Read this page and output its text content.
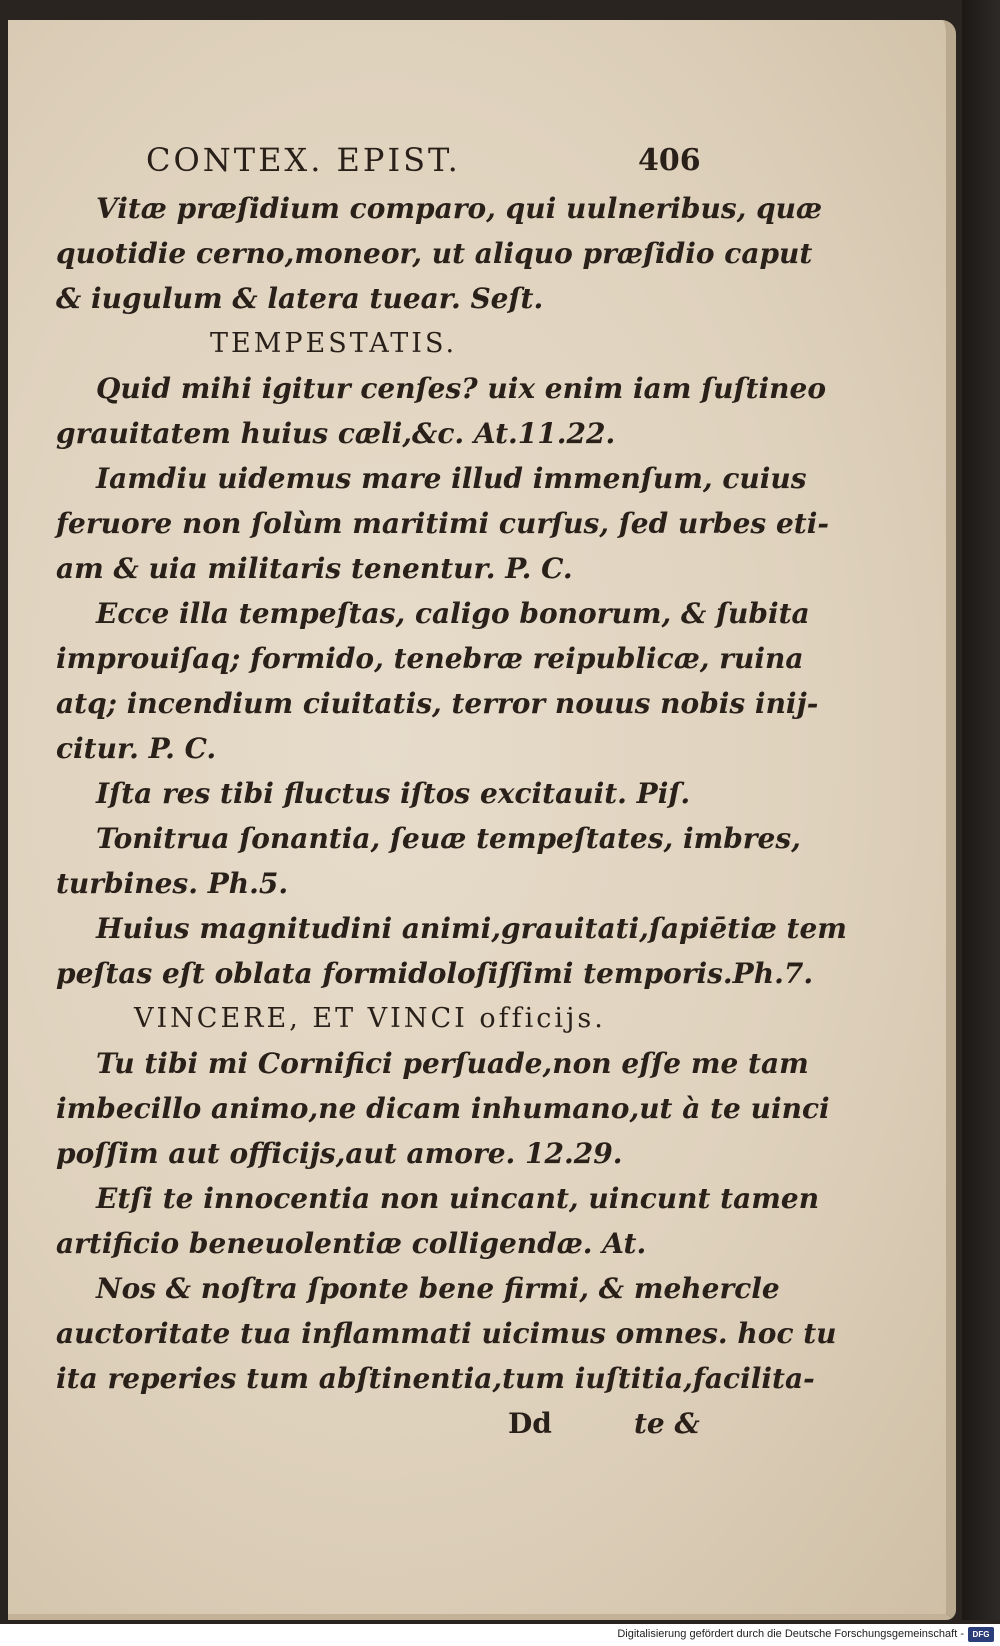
CONTEX. EPIST.	406
Vitæ præſidium comparo, qui uulneribus, quæ
quotidie cerno,moneor, ut aliquo præſidio caput
& iugulum & latera tuear. Seſt.
TEMPESTATIS.
Quid mihi igitur cenſes? uix enim iam ſuſtineo
grauitatem huius cæli,&c. At.11.22.
Iamdiu uidemus mare illud immenſum, cuius
feruore non ſolùm maritimi curſus, ſed urbes eti-
am & uia militaris tenentur. P. C.
Ecce illa tempeſtas, caligo bonorum, & ſubita
improuiſaq; formido, tenebræ reipublicæ, ruina
atq; incendium ciuitatis, terror nouus nobis inij-
citur. P. C.
Iſta res tibi fluctus iſtos excitauit. Piſ.
Tonitrua ſonantia, ſeuæ tempeſtates, imbres,
turbines. Ph.5.
Huius magnitudini animi,grauitati,ſapiētiæ tem
peſtas eſt oblata formidoloſiſſimi temporis.Ph.7.
VINCERE, ET VINCI officijs.
Tu tibi mi Cornifici perſuade,non eſſe me tam
imbecillo animo,ne dicam inhumano,ut à te uinci
poſſim aut officijs,aut amore. 12.29.
Etſi te innocentia non uincant, uincunt tamen
artificio beneuolentiæ colligendæ. At.
Nos & noſtra ſponte bene firmi, & mehercle
auctoritate tua inflammati uicimus omnes. hoc tu
ita reperies tum abſtinentia,tum iuſtitia,facilita-
Dd	te &
Digitalisierung gefördert durch die Deutsche Forschungsgemeinschaft -	DFG
